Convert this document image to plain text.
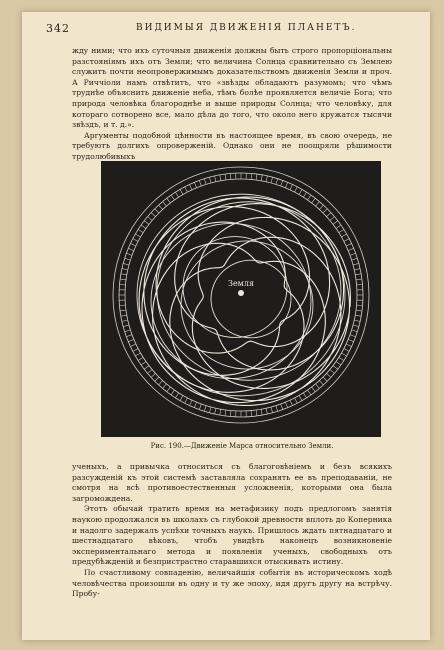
342	ВИДИМЫЯ ДВИЖЕНІЯ ПЛАНЕТЪ.

жду ними; что ихъ суточныя движенія должны быть строго пропорціональны разстояніямъ ихъ отъ Земли; что величина Солнца сравнительно съ Землею служитъ почти неопровержимымъ доказательствомъ движенія Земли и проч. А Риччіоли намъ отвѣтитъ, что «звѣзды обладаютъ разумомъ; что чѣмъ труднѣе объяснить движеніе неба, тѣмъ болѣе проявляется величіе Бога; что природа человѣка благороднѣе и выше природы Солнца; что человѣку, для котораго сотворено все, мало дѣла до того, что около него кружатся тысячи звѣздъ, и т. д.».

Аргументы подобной цѣнности въ настоящее время, въ свою очередь, не требуютъ долгихъ опроверженій. Однако они не поощряли рѣшимости трудолюбивыхъ

Земля
Рис. 190.—Движеніе Марса относительно Земли.

ученыхъ, а привычка относиться съ благоговѣніемъ и безъ всякихъ разсужденій къ этой системѣ заставляла сохранять ее въ преподаваніи, не смотря на всѣ противоестественныя усложненія, которыми она была загромождена.

Этотъ обычай тратить время на метафизику подъ предлогомъ занятія наукою продолжался въ школахъ съ глубокой древности вплоть до Коперника и надолго задержалъ успѣхи точныхъ наукъ. Пришлось ждать пятнадцатаго и шестнадцатаго вѣковъ, чтобъ увидѣть наконецъ возникновеніе экспериментальнаго метода и появленія ученыхъ, свободныхъ отъ предубѣжденій и безпристрастно старавшихся отыскивать истину.

По счастливому совпаденію, величайшія событія въ историческомъ ходѣ человѣчества произошли въ одну и ту же эпоху, идя другъ другу на встрѣчу. Пробу-
